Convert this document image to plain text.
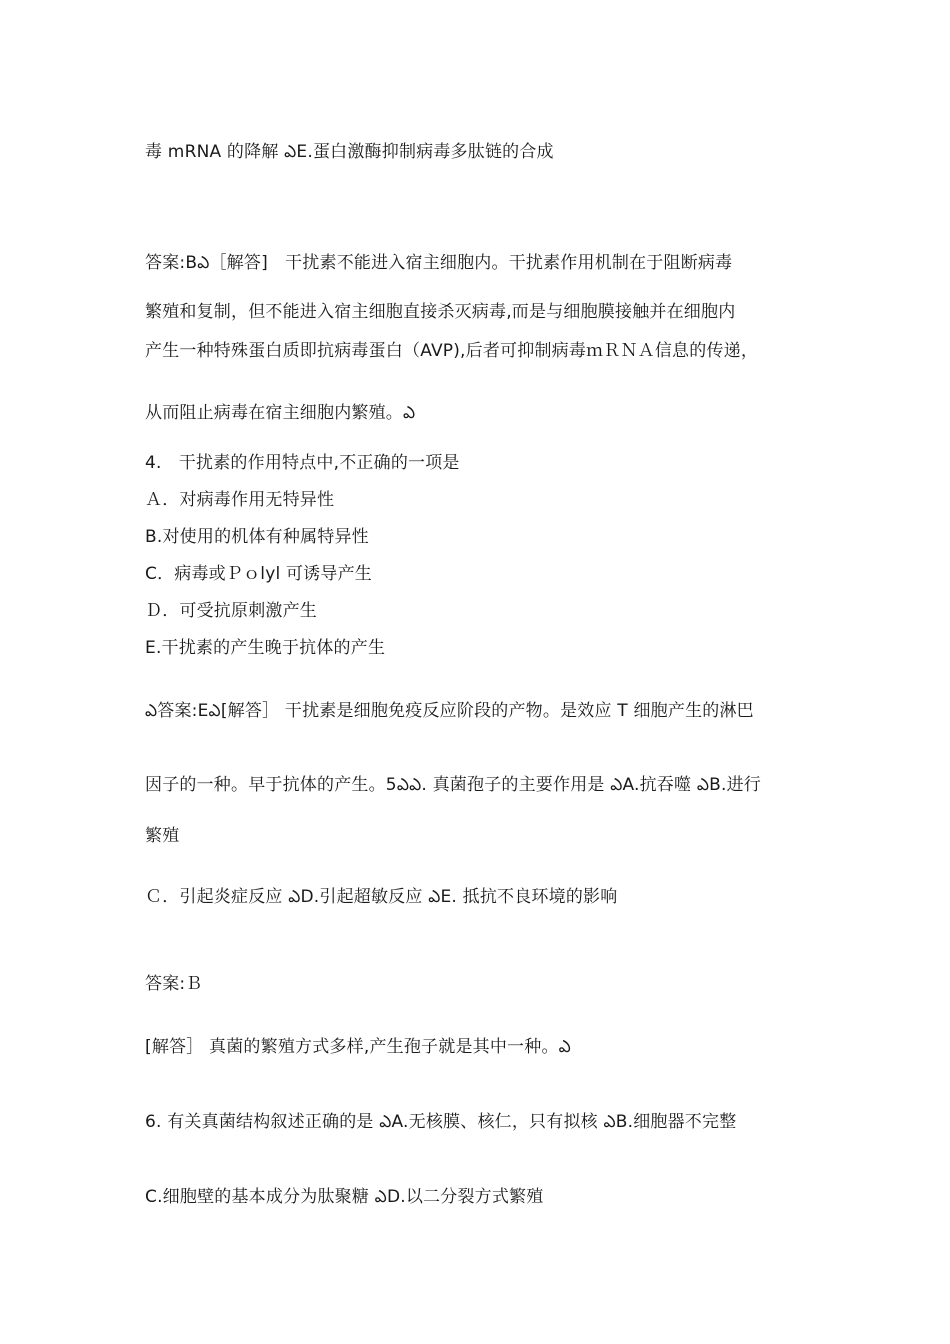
毒 mRNA 的降解 ఎE.蛋白激酶抑制病毒多肽链的合成
答案:Bఎ［解答]　干扰素不能进入宿主细胞内。干扰素作用机制在于阻断病毒
繁殖和复制，但不能进入宿主细胞直接杀灭病毒,而是与细胞膜接触并在细胞内
产生一种特殊蛋白质即抗病毒蛋白（AVP),后者可抑制病毒ｍＲＮＡ信息的传递，
从而阻止病毒在宿主细胞内繁殖。ఎ
4.　干扰素的作用特点中,不正确的一项是
Ａ．对病毒作用无特异性
B.对使用的机体有种属特异性
C．病毒或Ｐｏlyl 可诱导产生
Ｄ．可受抗原刺激产生
E.干扰素的产生晚于抗体的产生
ఎ答案:Eఎ[解答］ 干扰素是细胞免疫反应阶段的产物。是效应 T 细胞产生的淋巴
因子的一种。早于抗体的产生。5ఎఎ. 真菌孢子的主要作用是 ఎA.抗吞噬 ఎB.进行
繁殖
Ｃ．引起炎症反应 ఎD.引起超敏反应 ఎE. 抵抗不良环境的影响
答案:Ｂ
[解答］ 真菌的繁殖方式多样,产生孢子就是其中一种。ఎ
6. 有关真菌结构叙述正确的是 ఎA.无核膜、核仁，只有拟核 ఎB.细胞器不完整
C.细胞壁的基本成分为肽聚糖 ఎD.以二分裂方式繁殖
